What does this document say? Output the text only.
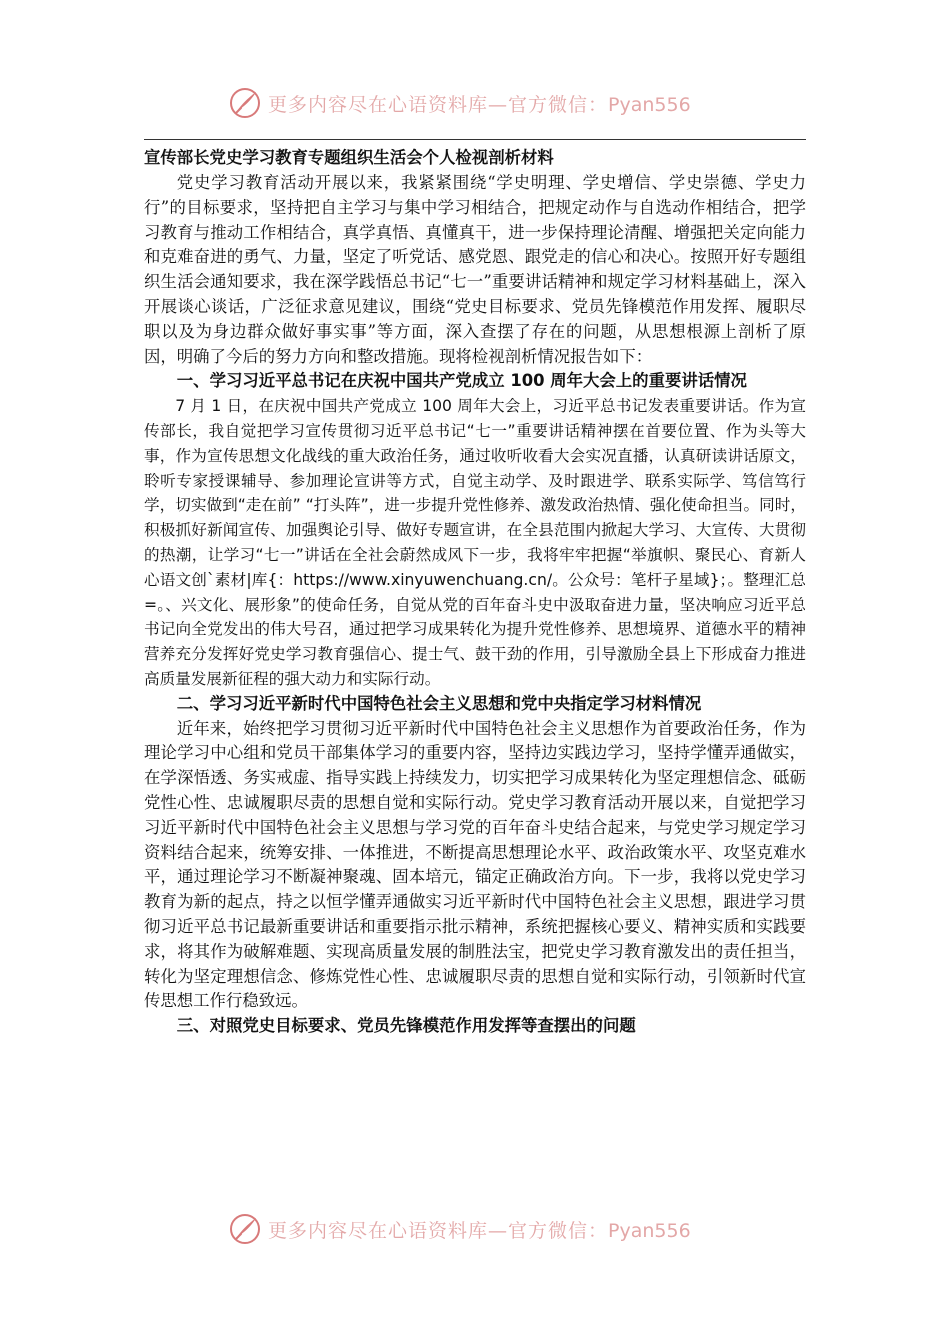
更多内容尽在心语资料库—官方微信：Pyan556

宣传部长党史学习教育专题组织生活会个人检视剖析材料

党史学习教育活动开展以来，我紧紧围绕“学史明理、学史增信、学史崇德、学史力行”的目标要求，坚持把自主学习与集中学习相结合，把规定动作与自选动作相结合，把学习教育与推动工作相结合，真学真悟、真懂真干，进一步保持理论清醒、增强把关定向能力和克难奋进的勇气、力量，坚定了听党话、感党恩、跟党走的信心和决心。按照开好专题组织生活会通知要求，我在深学践悟总书记“七一”重要讲话精神和规定学习材料基础上，深入开展谈心谈话，广泛征求意见建议，围绕“党史目标要求、党员先锋模范作用发挥、履职尽职以及为身边群众做好事实事”等方面，深入查摆了存在的问题，从思想根源上剖析了原因，明确了今后的努力方向和整改措施。现将检视剖析情况报告如下：

一、学习习近平总书记在庆祝中国共产党成立 100 周年大会上的重要讲话情况

7 月 1 日，在庆祝中国共产党成立 100 周年大会上，习近平总书记发表重要讲话。作为宣传部长，我自觉把学习宣传贯彻习近平总书记“七一”重要讲话精神摆在首要位置、作为头等大事，作为宣传思想文化战线的重大政治任务，通过收听收看大会实况直播，认真研读讲话原文，聆听专家授课辅导、参加理论宣讲等方式，自觉主动学、及时跟进学、联系实际学、笃信笃行学，切实做到“走在前” “打头阵”，进一步提升党性修养、激发政治热情、强化使命担当。同时，积极抓好新闻宣传、加强舆论引导、做好专题宣讲，在全县范围内掀起大学习、大宣传、大贯彻的热潮，让学习“七一”讲话在全社会蔚然成风下一步，我将牢牢把握“举旗帜、聚民心、育新人心语文创`素材|库{：https://www.xinyuwenchuang.cn/。公众号：笔杆子星域}；。整理汇总=。、兴文化、展形象”的使命任务，自觉从党的百年奋斗史中汲取奋进力量，坚决响应习近平总书记向全党发出的伟大号召，通过把学习成果转化为提升党性修养、思想境界、道德水平的精神营养充分发挥好党史学习教育强信心、提士气、鼓干劲的作用，引导激励全县上下形成奋力推进高质量发展新征程的强大动力和实际行动。

二、学习习近平新时代中国特色社会主义思想和党中央指定学习材料情况

近年来，始终把学习贯彻习近平新时代中国特色社会主义思想作为首要政治任务，作为理论学习中心组和党员干部集体学习的重要内容，坚持边实践边学习，坚持学懂弄通做实，在学深悟透、务实戒虚、指导实践上持续发力，切实把学习成果转化为坚定理想信念、砥砺党性心性、忠诚履职尽责的思想自觉和实际行动。党史学习教育活动开展以来，自觉把学习习近平新时代中国特色社会主义思想与学习党的百年奋斗史结合起来，与党史学习规定学习资料结合起来，统筹安排、一体推进，不断提高思想理论水平、政治政策水平、攻坚克难水平，通过理论学习不断凝神聚魂、固本培元，锚定正确政治方向。下一步，我将以党史学习教育为新的起点，持之以恒学懂弄通做实习近平新时代中国特色社会主义思想，跟进学习贯彻习近平总书记最新重要讲话和重要指示批示精神，系统把握核心要义、精神实质和实践要求，将其作为破解难题、实现高质量发展的制胜法宝，把党史学习教育激发出的责任担当，转化为坚定理想信念、修炼党性心性、忠诚履职尽责的思想自觉和实际行动，引领新时代宣传思想工作行稳致远。

三、对照党史目标要求、党员先锋模范作用发挥等查摆出的问题

更多内容尽在心语资料库—官方微信：Pyan556
